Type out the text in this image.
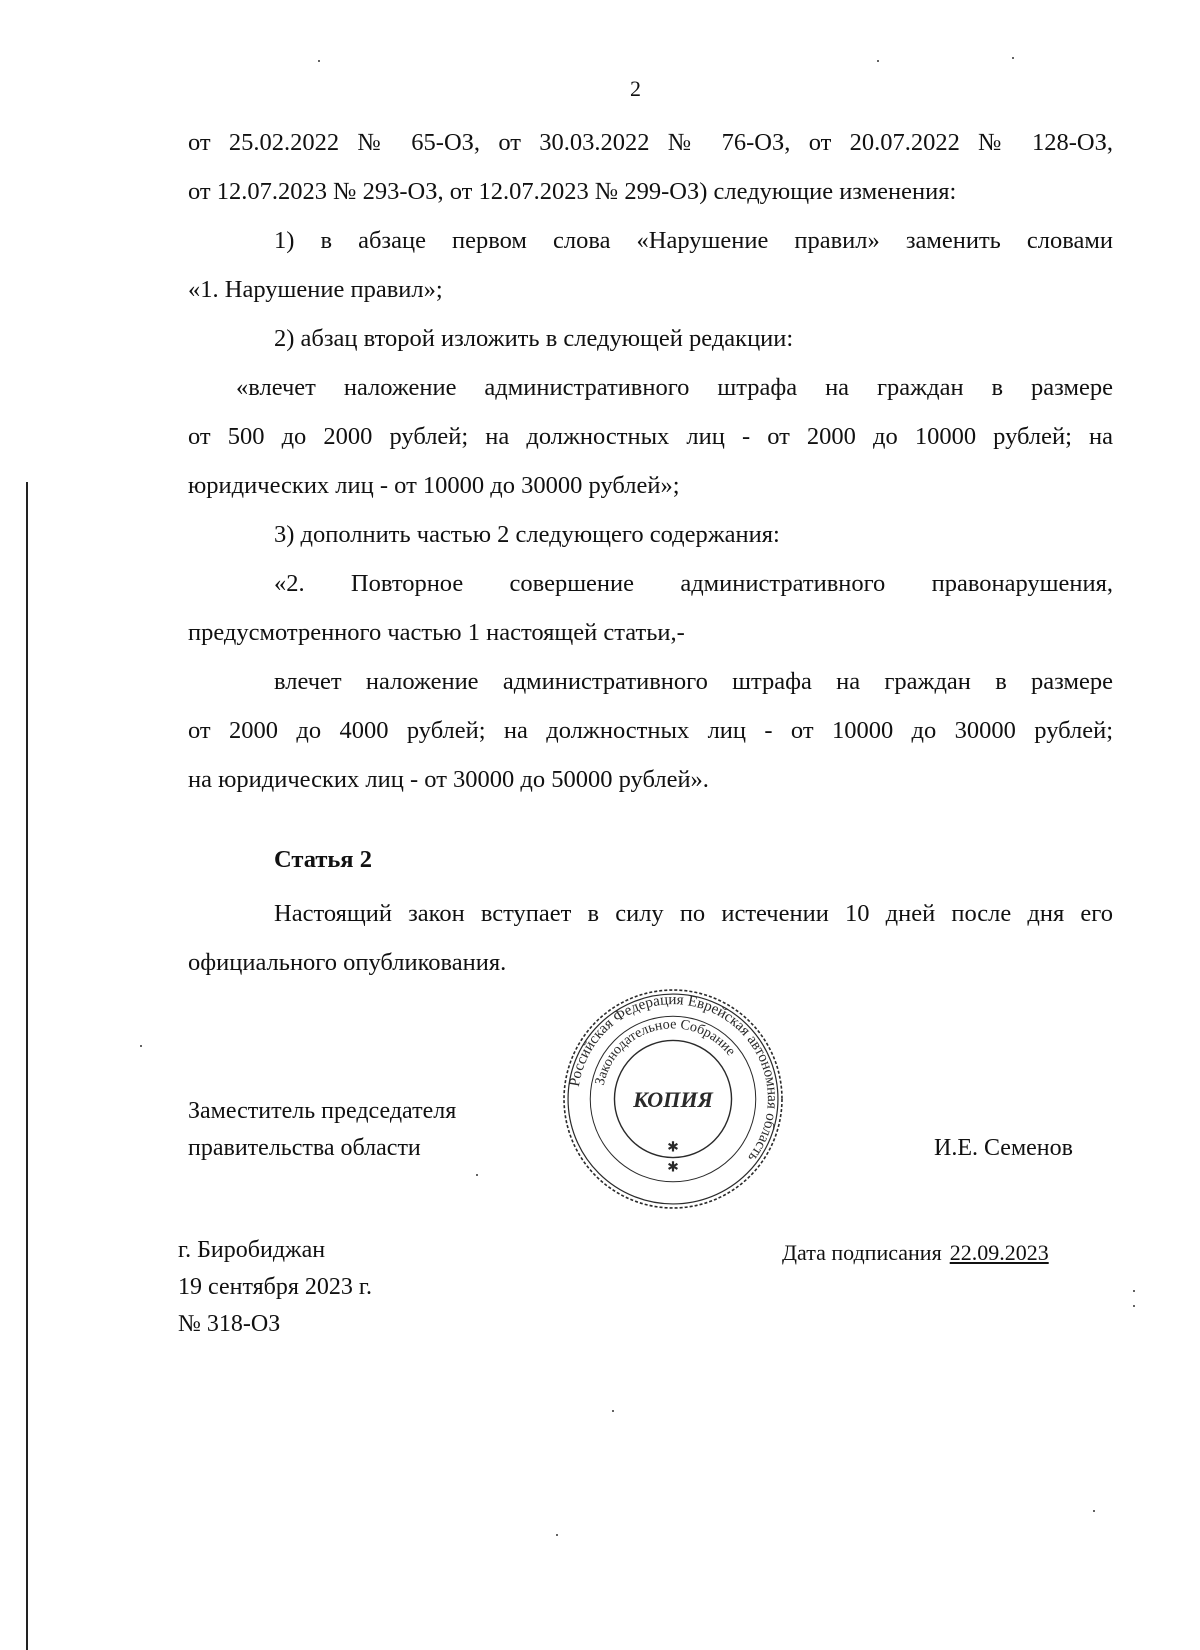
2

от 25.02.2022 № 65-ОЗ, от 30.03.2022 № 76-ОЗ, от 20.07.2022 № 128-ОЗ,

от 12.07.2023 № 293-ОЗ, от 12.07.2023 № 299-ОЗ) следующие изменения:

1) в абзаце первом слова «Нарушение правил» заменить словами

«1. Нарушение правил»;

2) абзац второй изложить в следующей редакции:

«влечет наложение административного штрафа на граждан в размере

от 500 до 2000 рублей; на должностных лиц - от 2000 до 10000 рублей; на

юридических лиц - от 10000 до 30000 рублей»;

3) дополнить частью 2 следующего содержания:

«2. Повторное совершение административного правонарушения,

предусмотренного частью 1 настоящей статьи,-

влечет наложение административного штрафа на граждан в размере

от 2000 до 4000 рублей; на должностных лиц - от 10000 до 30000 рублей;

на юридических лиц - от 30000 до 50000 рублей».

Статья 2

Настоящий закон вступает в силу по истечении 10 дней после дня его

официального опубликования.

Заместитель председателя
правительства области	И.Е. Семенов
Российская Федерация Еврейская автономная область
Законодательное Собрание
КОПИЯ
✱
✱
г. Биробиджан
19 сентября 2023 г.
№ 318-ОЗ
Дата подписания 22.09.2023
